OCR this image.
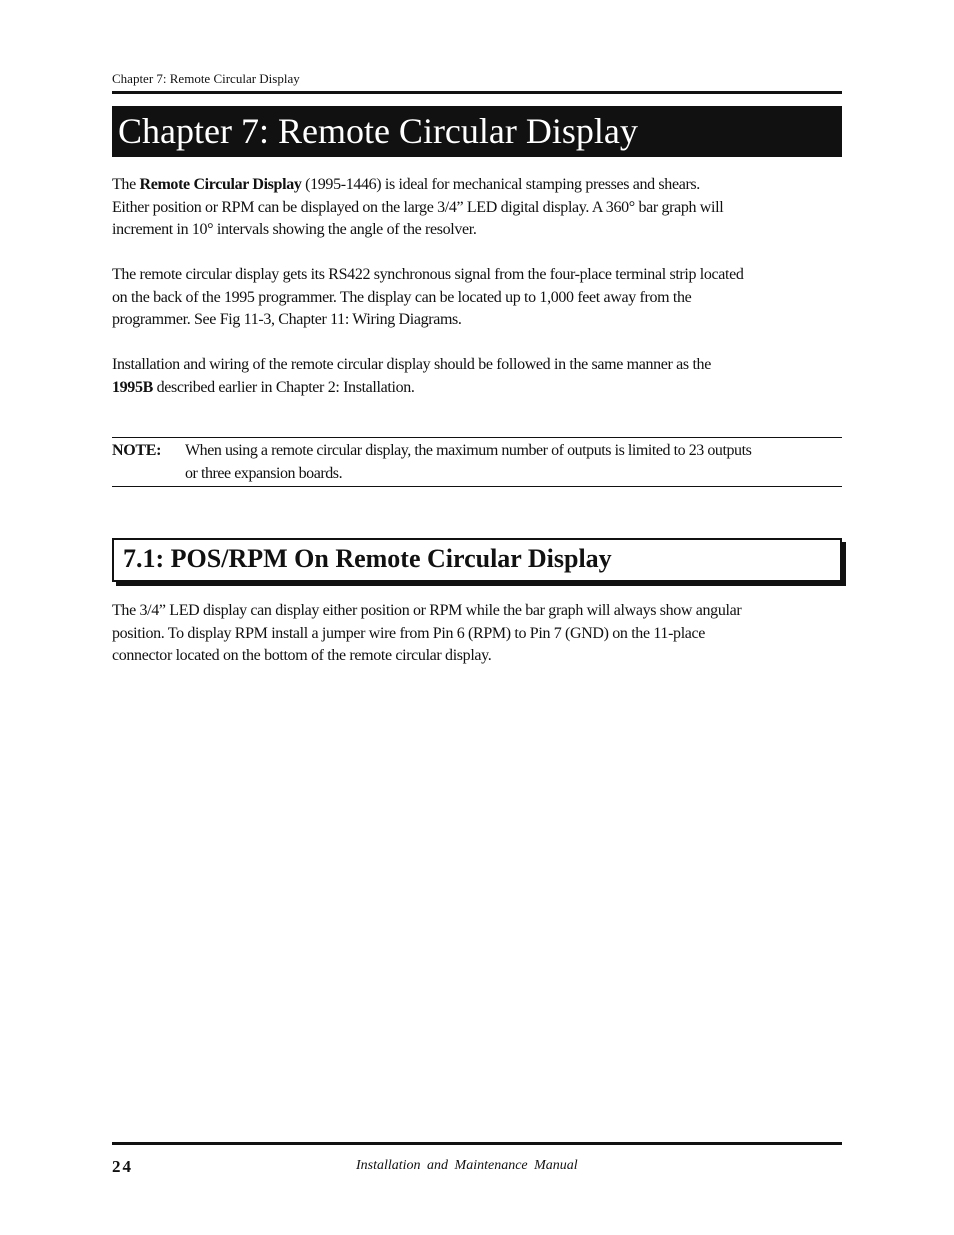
Chapter 7: Remote Circular Display
Chapter 7: Remote Circular Display

The Remote Circular Display (1995-1446) is ideal for mechanical stamping presses and shears.
Either position or RPM can be displayed on the large 3/4” LED digital display. A 360° bar graph will
increment in 10° intervals showing the angle of the resolver.

The remote circular display gets its RS422 synchronous signal from the four-place terminal strip located
on the back of the 1995 programmer. The display can be located up to 1,000 feet away from the
programmer. See Fig 11-3, Chapter 11: Wiring Diagrams.

Installation and wiring of the remote circular display should be followed in the same manner as the
1995B described earlier in Chapter 2: Installation.

NOTE: When using a remote circular display, the maximum number of outputs is limited to 23 outputs
or three expansion boards.
7.1: POS/RPM On Remote Circular Display

The 3/4” LED display can display either position or RPM while the bar graph will always show angular
position. To display RPM install a jumper wire from Pin 6 (RPM) to Pin 7 (GND) on the 11-place
connector located on the bottom of the remote circular display.

24	Installation and Maintenance Manual
